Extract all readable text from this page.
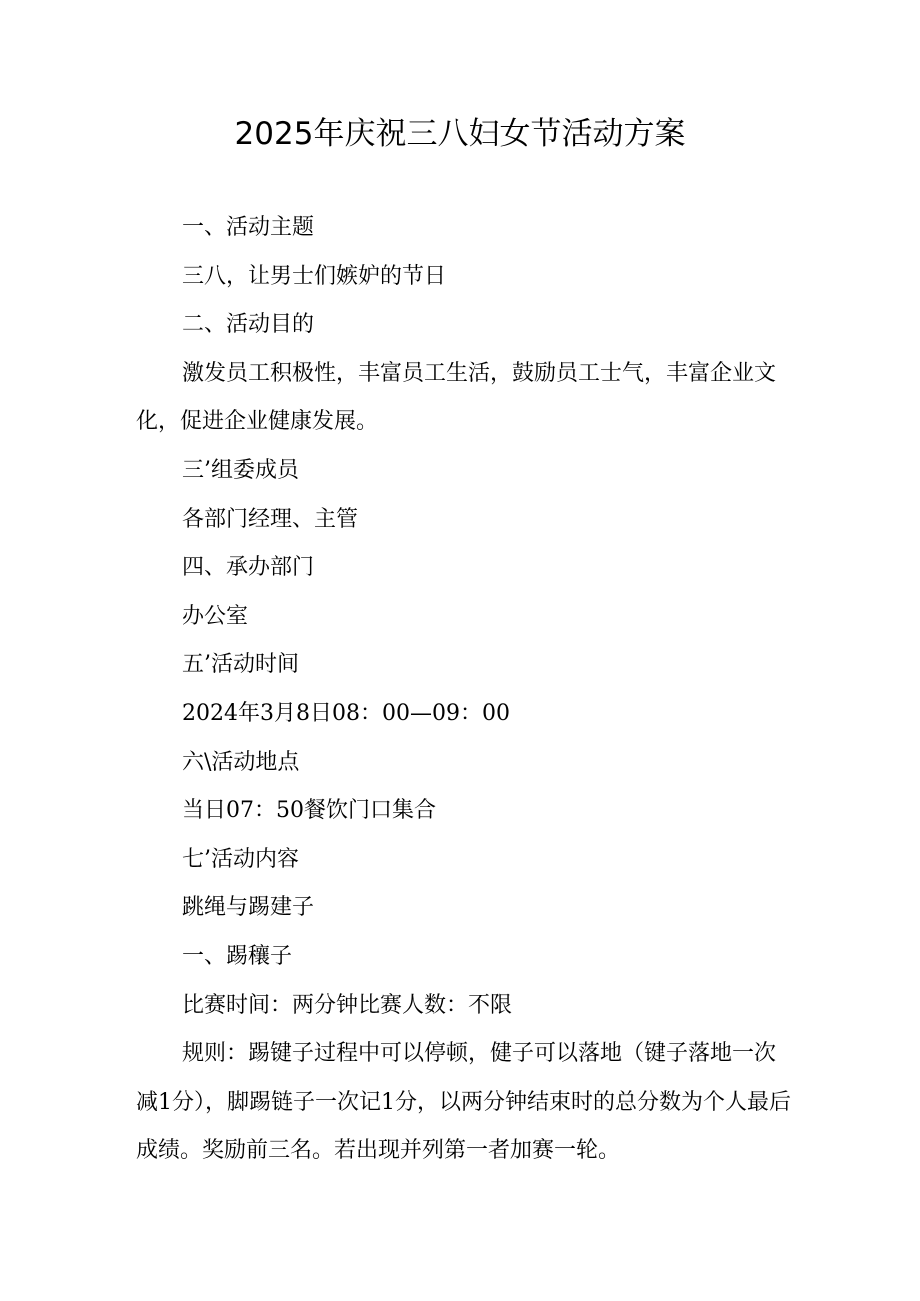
2025年庆祝三八妇女节活动方案

一、活动主题

三八，让男士们嫉妒的节日

二、活动目的

激发员工积极性，丰富员工生活，鼓励员工士气，丰富企业文化，促进企业健康发展。

三’组委成员

各部门经理、主管

四、承办部门

办公室

五’活动时间

2024年3月8日08：00—09：00

六\活动地点

当日07：50餐饮门口集合

七’活动内容

跳绳与踢建子

一、踢穰子

比赛时间：两分钟比赛人数：不限

规则：踢键子过程中可以停顿，健子可以落地（键子落地一次减1分），脚踢链子一次记1分，以两分钟结束时的总分数为个人最后成绩。奖励前三名。若出现并列第一者加赛一轮。
